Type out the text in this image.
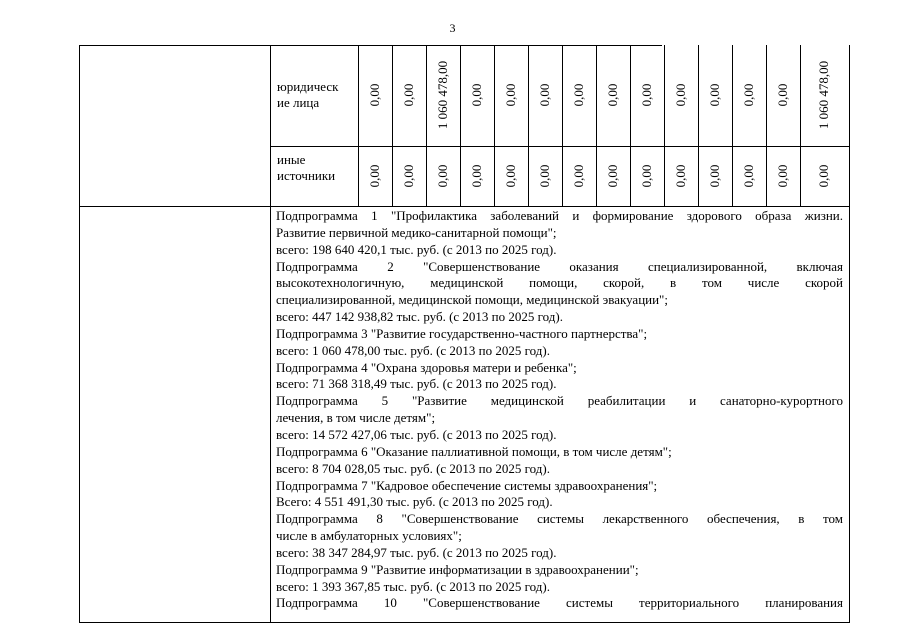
3
юридическ
ие лица
иные
источники

Подпрограмма 1 "Профилактика заболеваний и формирование здорового образа жизни.

Развитие первичной медико-санитарной помощи";

всего: 198 640 420,1 тыс. руб. (с 2013 по 2025 год).

Подпрограмма 2 "Совершенствование оказания специализированной, включая

высокотехнологичную, медицинской помощи, скорой, в том числе скорой

специализированной, медицинской помощи, медицинской эвакуации";

всего: 447 142 938,82 тыс. руб. (с 2013 по 2025 год).

Подпрограмма 3 "Развитие государственно-частного партнерства";

всего: 1 060 478,00 тыс. руб. (с 2013 по 2025 год).

Подпрограмма 4 "Охрана здоровья матери и ребенка";

всего: 71 368 318,49 тыс. руб. (с 2013 по 2025 год).

Подпрограмма 5 "Развитие медицинской реабилитации и санаторно-курортного

лечения, в том числе детям";

всего: 14 572 427,06 тыс. руб. (с 2013 по 2025 год).

Подпрограмма 6 "Оказание паллиативной помощи, в том числе детям";

всего: 8 704 028,05 тыс. руб. (с 2013 по 2025 год).

Подпрограмма 7 "Кадровое обеспечение системы здравоохранения";

Всего: 4 551 491,30 тыс. руб. (с 2013 по 2025 год).

Подпрограмма 8 "Совершенствование системы лекарственного обеспечения, в том

числе в амбулаторных условиях";

всего: 38 347 284,97 тыс. руб. (с 2013 по 2025 год).

Подпрограмма 9 "Развитие информатизации в здравоохранении";

всего: 1 393 367,85 тыс. руб. (с 2013 по 2025 год).

Подпрограмма 10 "Совершенствование системы территориального планирования

0,00 0,00 1 060 478,00 0,00 0,00 0,00 0,00 0,00 0,00 0,00 0,00 0,00 0,00 1 060 478,00
0,00 0,00 0,00 0,00 0,00 0,00 0,00 0,00 0,00 0,00 0,00 0,00 0,00 0,00
